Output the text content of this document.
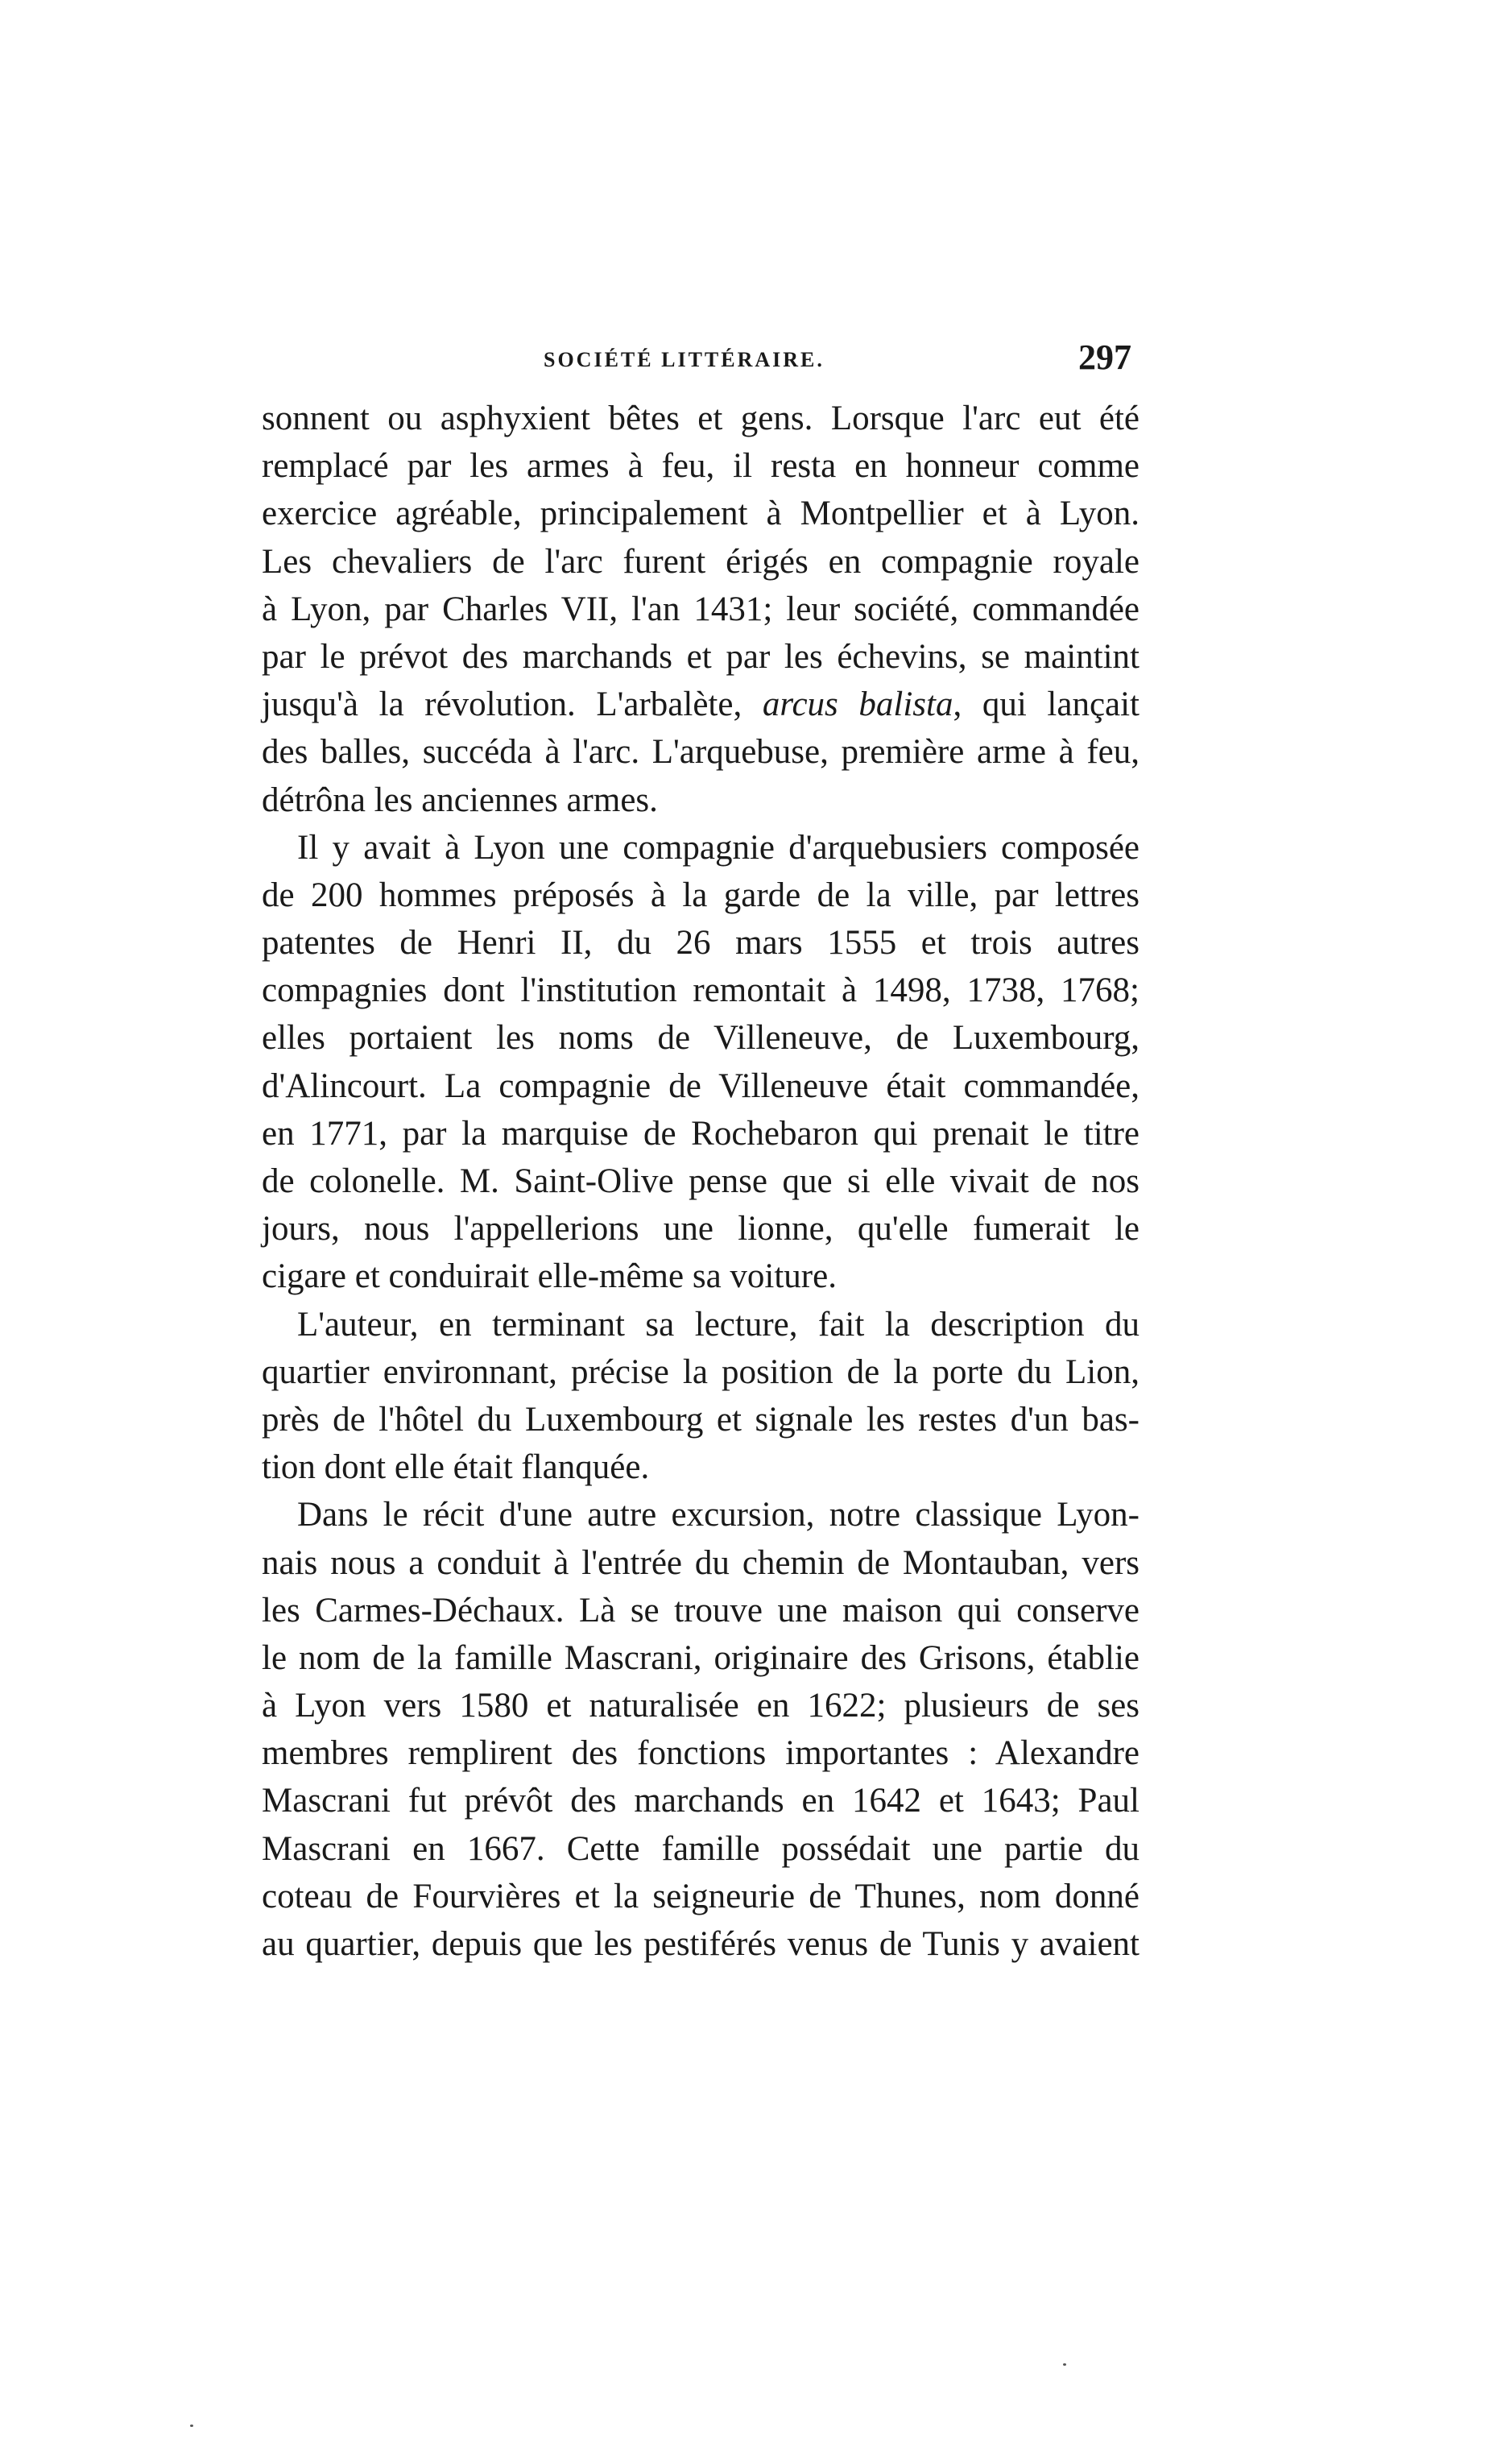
SOCIÉTÉ LITTÉRAIRE.	297
sonnent ou asphyxient bêtes et gens. Lorsque l'arc eut été
remplacé par les armes à feu, il resta en honneur comme
exercice agréable, principalement à Montpellier et à Lyon.
Les chevaliers de l'arc furent érigés en compagnie royale
à Lyon, par Charles VII, l'an 1431; leur société, commandée
par le prévot des marchands et par les échevins, se maintint
jusqu'à la révolution. L'arbalète, arcus balista, qui lançait
des balles, succéda à l'arc. L'arquebuse, première arme à feu,
détrôna les anciennes armes.
Il y avait à Lyon une compagnie d'arquebusiers composée
de 200 hommes préposés à la garde de la ville, par lettres
patentes de Henri II, du 26 mars 1555 et trois autres
compagnies dont l'institution remontait à 1498, 1738, 1768;
elles portaient les noms de Villeneuve, de Luxembourg,
d'Alincourt. La compagnie de Villeneuve était commandée,
en 1771, par la marquise de Rochebaron qui prenait le titre
de colonelle. M. Saint-Olive pense que si elle vivait de nos
jours, nous l'appellerions une lionne, qu'elle fumerait le
cigare et conduirait elle-même sa voiture.
L'auteur, en terminant sa lecture, fait la description du
quartier environnant, précise la position de la porte du Lion,
près de l'hôtel du Luxembourg et signale les restes d'un bas-
tion dont elle était flanquée.
Dans le récit d'une autre excursion, notre classique Lyon-
nais nous a conduit à l'entrée du chemin de Montauban, vers
les Carmes-Déchaux. Là se trouve une maison qui conserve
le nom de la famille Mascrani, originaire des Grisons, établie
à Lyon vers 1580 et naturalisée en 1622; plusieurs de ses
membres remplirent des fonctions importantes : Alexandre
Mascrani fut prévôt des marchands en 1642 et 1643; Paul
Mascrani en 1667. Cette famille possédait une partie du
coteau de Fourvières et la seigneurie de Thunes, nom donné
au quartier, depuis que les pestiférés venus de Tunis y avaient
